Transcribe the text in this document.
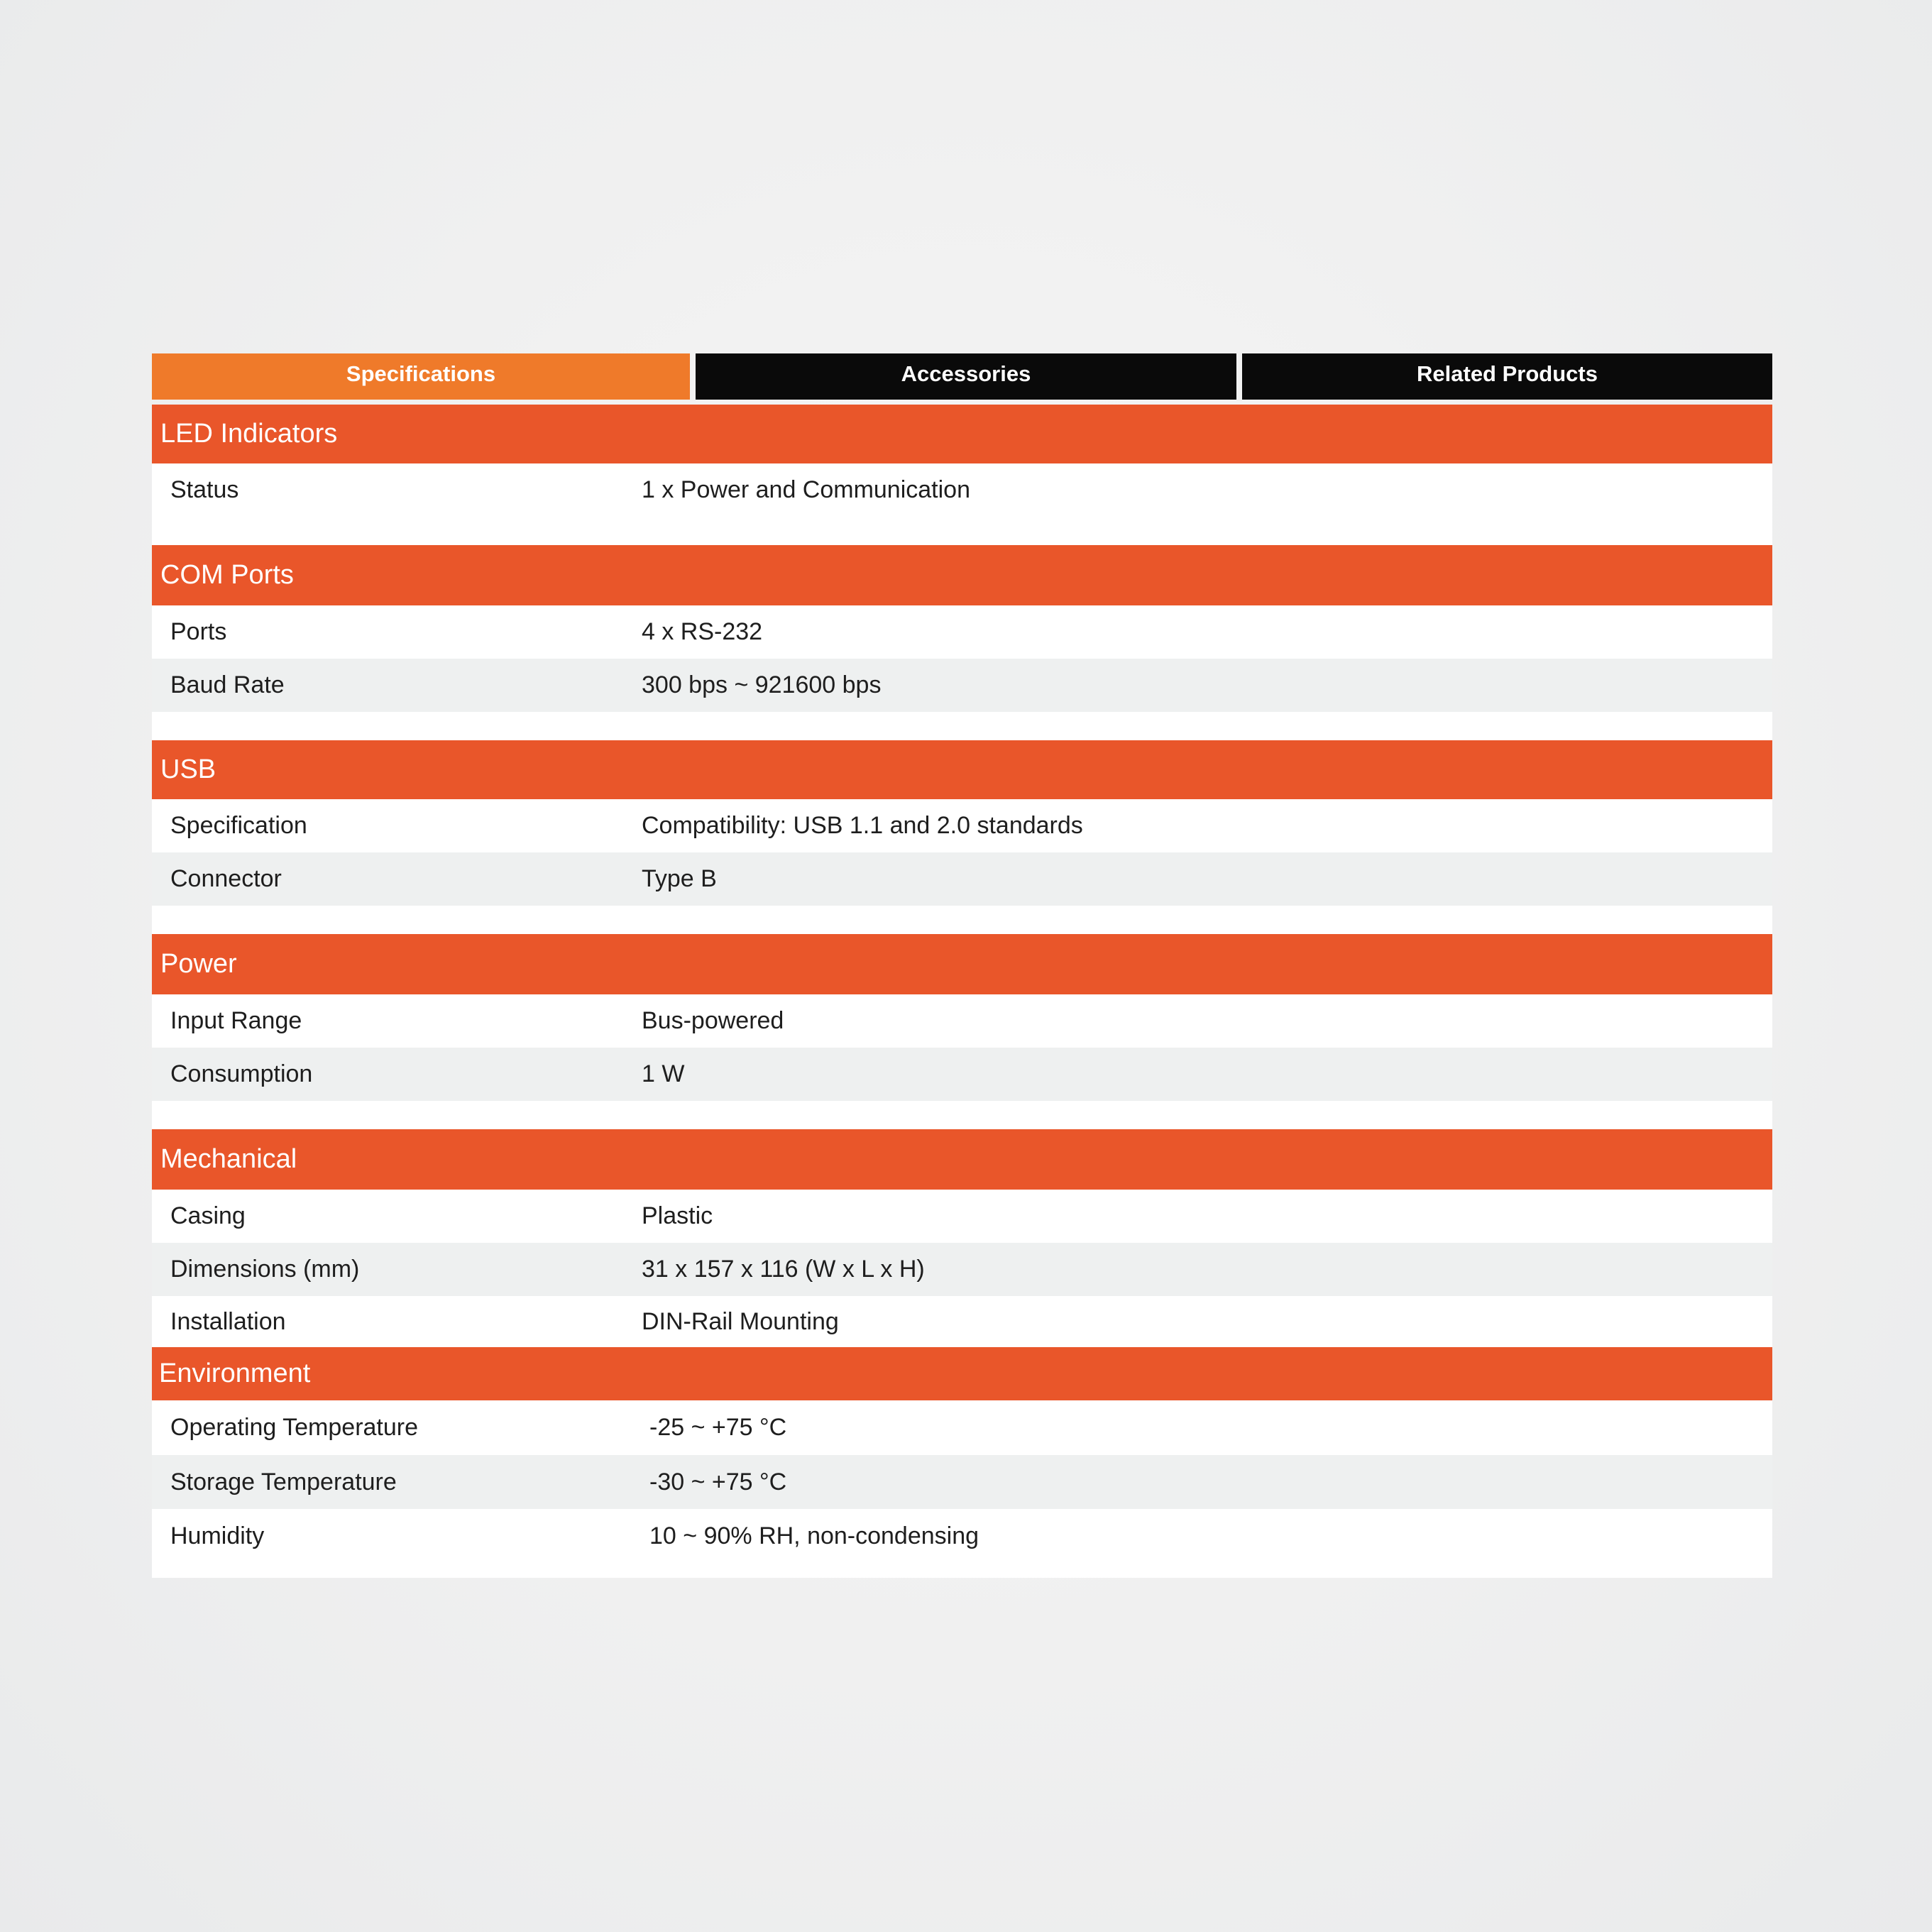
Specifications	Accessories	Related Products
LED Indicators
Status	1 x Power and Communication
COM Ports
Ports	4 x RS-232
Baud Rate	300 bps ~ 921600 bps
USB
Specification	Compatibility: USB 1.1 and 2.0 standards
Connector	Type B
Power
Input Range	Bus-powered
Consumption	1 W
Mechanical
Casing	Plastic
Dimensions (mm)	31 x 157 x 116 (W x L x H)
Installation	DIN-Rail Mounting
Environment
Operating Temperature	-25 ~ +75 °C
Storage Temperature	-30 ~ +75 °C
Humidity	10 ~ 90% RH, non-condensing
